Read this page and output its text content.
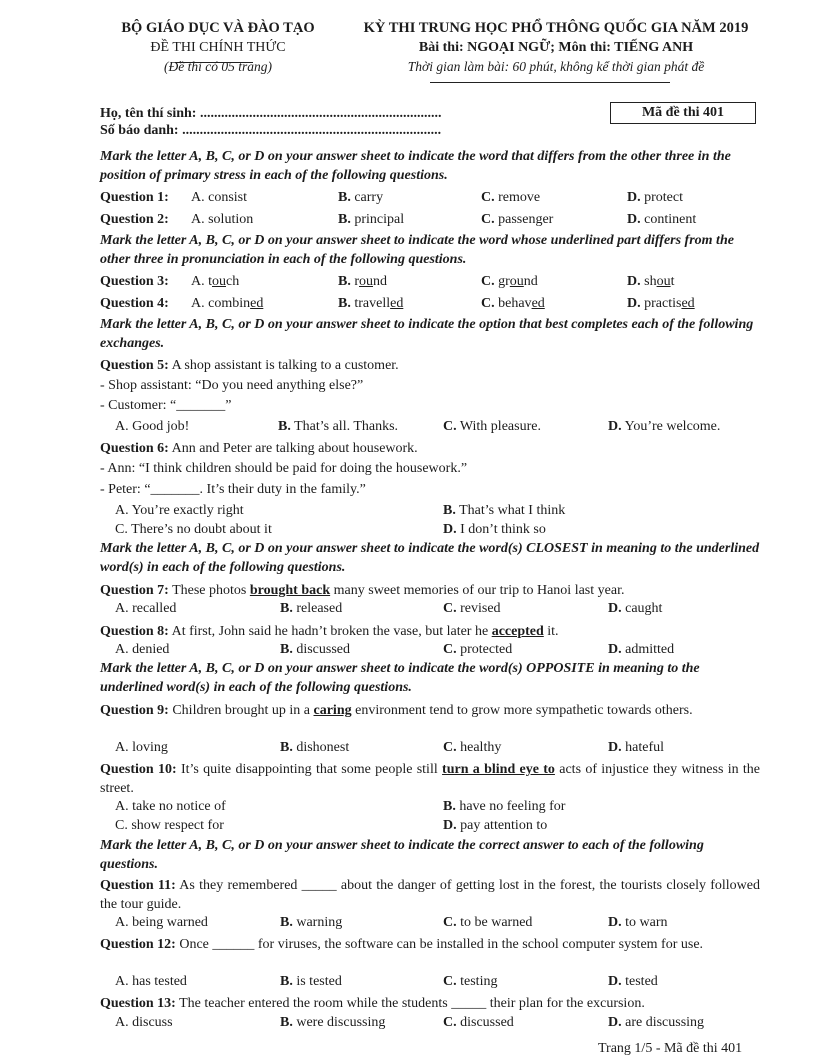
BỘ GIÁO DỤC VÀ ĐÀO TẠO
ĐỀ THI CHÍNH THỨC
(Đề thi có 05 trang)
KỲ THI TRUNG HỌC PHỔ THÔNG QUỐC GIA NĂM 2019
Bài thi: NGOẠI NGỮ; Môn thi: TIẾNG ANH
Thời gian làm bài: 60 phút, không kể thời gian phát đề
Họ, tên thí sinh: .....................................................................
Số báo danh: ..........................................................................
Mã đề thi 401
Mark the letter A, B, C, or D on your answer sheet to indicate the word that differs from the other three in the position of primary stress in each of the following questions.
Question 1:	A. consist	B. carry	C. remove	D. protect
Question 2:	A. solution	B. principal	C. passenger	D. continent
Mark the letter A, B, C, or D on your answer sheet to indicate the word whose underlined part differs from the other three in pronunciation in each of the following questions.
Question 3:	A. touch	B. round	C. ground	D. shout
Question 4:	A. combined	B. travelled	C. behaved	D. practised
Mark the letter A, B, C, or D on your answer sheet to indicate the option that best completes each of the following exchanges.
Question 5: A shop assistant is talking to a customer.
- Shop assistant: “Do you need anything else?”
- Customer: “_______”
A. Good job!	B. That’s all. Thanks.	C. With pleasure.	D. You’re welcome.
Question 6: Ann and Peter are talking about housework.
- Ann: “I think children should be paid for doing the housework.”
- Peter: “_______. It’s their duty in the family.”
A. You’re exactly right	B. That’s what I think
C. There’s no doubt about it	D. I don’t think so
Mark the letter A, B, C, or D on your answer sheet to indicate the word(s) CLOSEST in meaning to the underlined word(s) in each of the following questions.
Question 7: These photos brought back many sweet memories of our trip to Hanoi last year.
A. recalled	B. released	C. revised	D. caught
Question 8: At first, John said he hadn’t broken the vase, but later he accepted it.
A. denied	B. discussed	C. protected	D. admitted
Mark the letter A, B, C, or D on your answer sheet to indicate the word(s) OPPOSITE in meaning to the underlined word(s) in each of the following questions.
Question 9: Children brought up in a caring environment tend to grow more sympathetic towards others.
A. loving	B. dishonest	C. healthy	D. hateful
Question 10: It’s quite disappointing that some people still turn a blind eye to acts of injustice they witness in the street.
A. take no notice of	B. have no feeling for
C. show respect for	D. pay attention to
Mark the letter A, B, C, or D on your answer sheet to indicate the correct answer to each of the following questions.
Question 11: As they remembered _____ about the danger of getting lost in the forest, the tourists closely followed the tour guide.
A. being warned	B. warning	C. to be warned	D. to warn
Question 12: Once ______ for viruses, the software can be installed in the school computer system for use.
A. has tested	B. is tested	C. testing	D. tested
Question 13: The teacher entered the room while the students _____ their plan for the excursion.
A. discuss	B. were discussing	C. discussed	D. are discussing
Trang 1/5 - Mã đề thi 401
